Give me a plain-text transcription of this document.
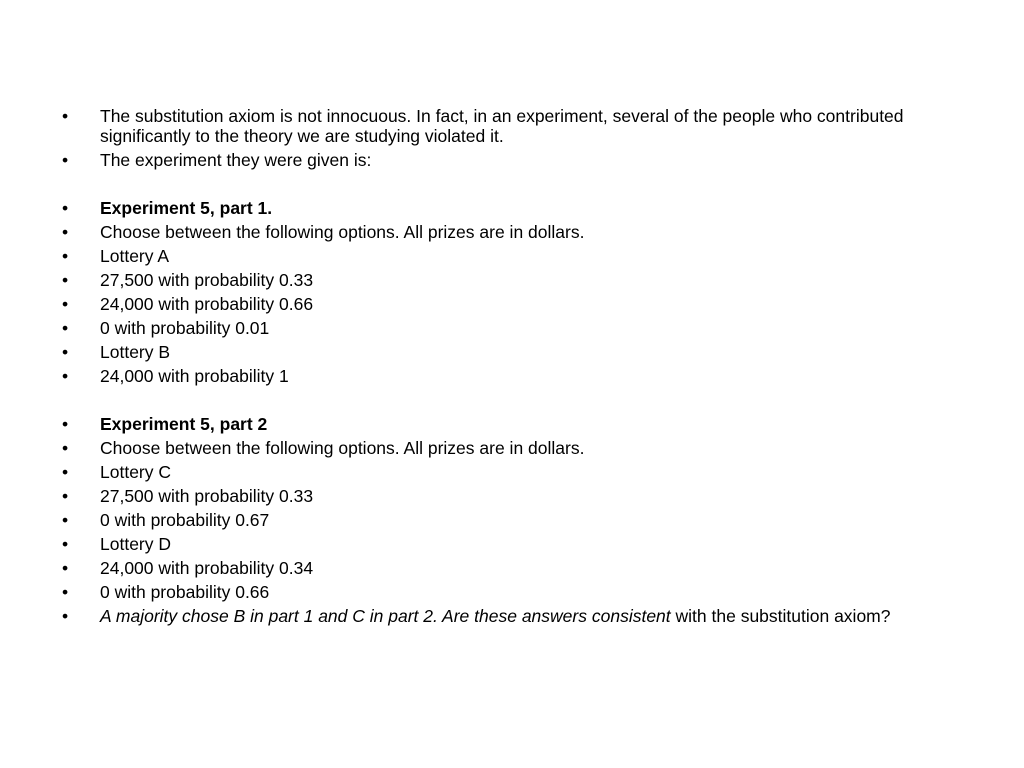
• The substitution axiom is not innocuous. In fact, in an experiment, several of the people who contributed significantly to the theory we are studying violated it.
• The experiment they were given is:
• Experiment 5, part 1.
• Choose between the following options. All prizes are in dollars.
• Lottery A
• 27,500 with probability 0.33
• 24,000 with probability 0.66
• 0 with probability 0.01
• Lottery B
• 24,000 with probability 1
• Experiment 5, part 2
• Choose between the following options. All prizes are in dollars.
• Lottery C
• 27,500 with probability 0.33
• 0 with probability 0.67
• Lottery D
• 24,000 with probability 0.34
• 0 with probability 0.66
• A majority chose B in part 1 and C in part 2. Are these answers consistent with the substitution axiom?
